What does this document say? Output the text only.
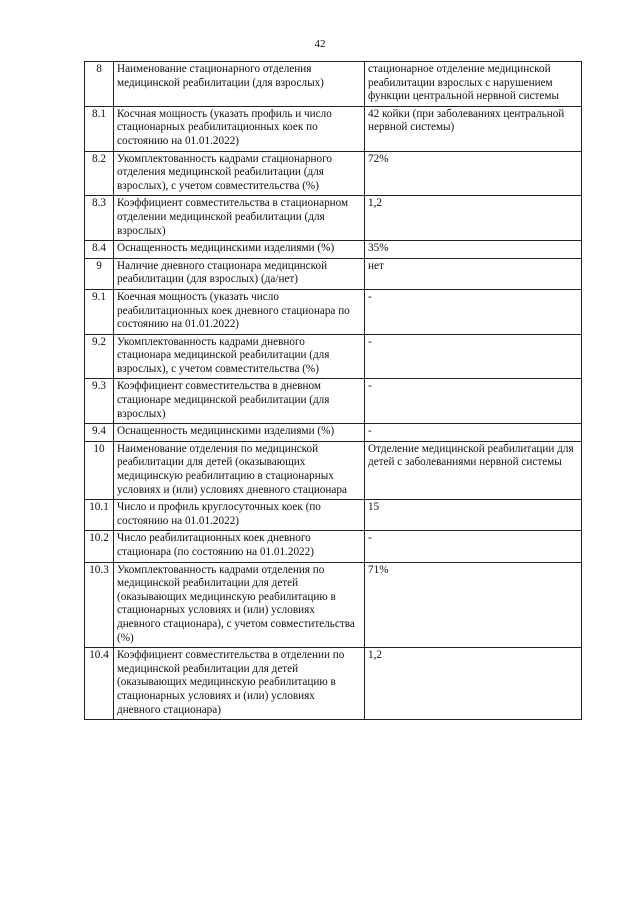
42
8	Наименование стационарного отделения медицинской реабилитации (для взрослых)	стационарное отделение медицинской реабилитации взрослых с нарушением функции центральной нервной системы
8.1	Косчная мощность (указать профиль и число стационарных реабилитационных коек по состоянию на 01.01.2022)	42 койки (при заболеваниях центральной нервной системы)
8.2	Укомплектованность кадрами стационарного отделения медицинской реабилитации (для взрослых), с учетом совместительства (%)	72%
8.3	Коэффициент совместительства в стационарном отделении медицинской реабилитации (для взрослых)	1,2
8.4	Оснащенность медицинскими изделиями (%)	35%
9	Наличие дневного стационара медицинской реабилитации (для взрослых) (да/нет)	нет
9.1	Коечная мощность (указать число реабилитационных коек дневного стационара по состоянию на 01.01.2022)	-
9.2	Укомплектованность кадрами дневного стационара медицинской реабилитации (для взрослых), с учетом совместительства (%)	-
9.3	Коэффициент совместительства в дневном стационаре медицинской реабилитации (для взрослых)	-
9.4	Оснащенность медицинскими изделиями (%)	-
10	Наименование отделения по медицинской реабилитации для детей (оказывающих медицинскую реабилитацию в стационарных условиях и (или) условиях дневного стационара	Отделение медицинской реабилитации для детей с заболеваниями нервной системы
10.1	Число и профиль круглосуточных коек (по состоянию на 01.01.2022)	15
10.2	Число реабилитационных коек дневного стационара (по состоянию на 01.01.2022)	-
10.3	Укомплектованность кадрами отделения по медицинской реабилитации для детей (оказывающих медицинскую реабилитацию в стационарных условиях и (или) условиях дневного стационара), с учетом совместительства (%)	71%
10.4	Коэффициент совместительства в отделении по медицинской реабилитации для детей (оказывающих медицинскую реабилитацию в стационарных условиях и (или) условиях дневного стационара)	1,2
